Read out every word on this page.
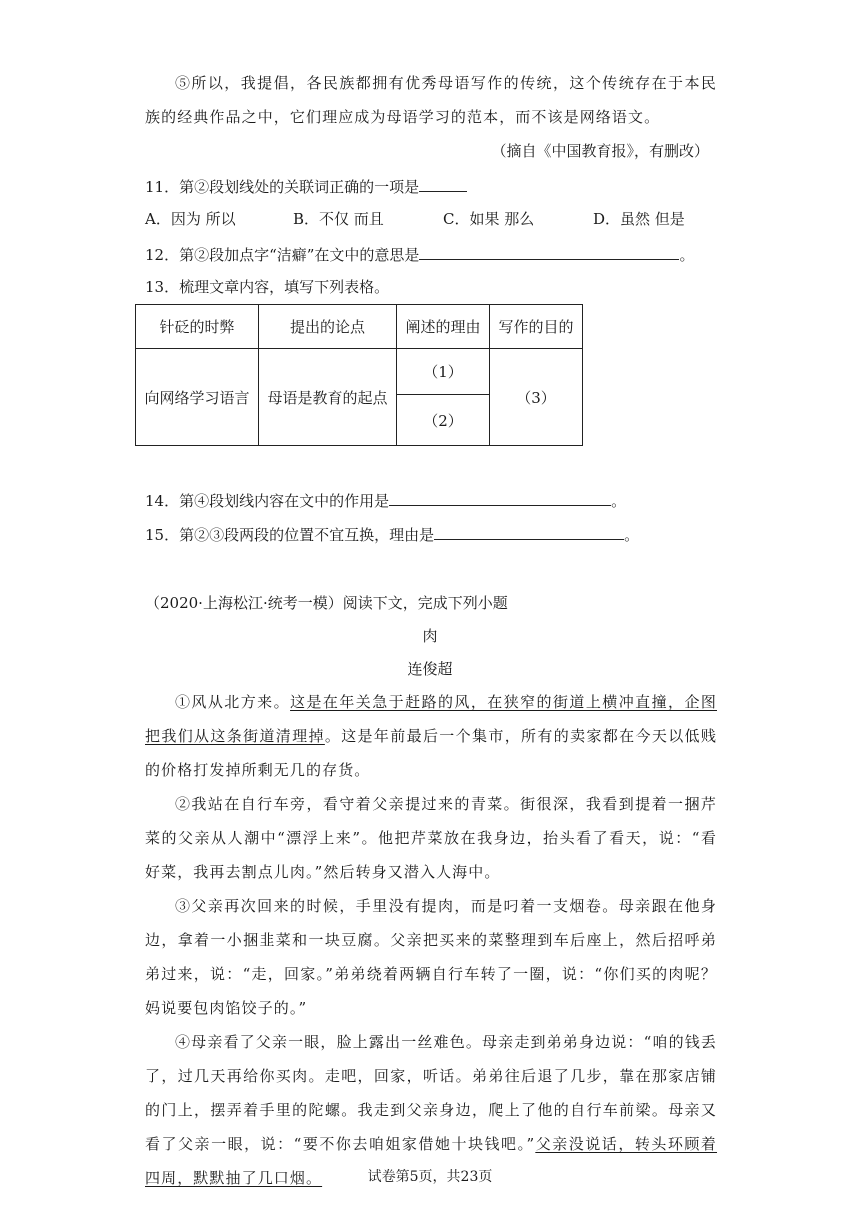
⑤所以，我提倡，各民族都拥有优秀母语写作的传统，这个传统存在于本民族的经典作品之中，它们理应成为母语学习的范本，而不该是网络语文。

（摘自《中国教育报》，有删改）

11．第②段划线处的关联词正确的一项是

A．因为 所以	B．不仅 而且	C．如果 那么	D．虽然 但是

12．第②段加点字“洁癖”在文中的意思是	。

13．梳理文章内容，填写下列表格。

针砭的时弊	提出的论点	阐述的理由	写作的目的
向网络学习语言	母语是教育的起点	（1）	（3）
		（2）	

14．第④段划线内容在文中的作用是	。

15．第②③段两段的位置不宜互换，理由是	。

（2020·上海松江·统考一模）阅读下文，完成下列小题

肉

连俊超

①风从北方来。这是在年关急于赶路的风，在狭窄的街道上横冲直撞，企图把我们从这条街道清理掉。这是年前最后一个集市，所有的卖家都在今天以低贱的价格打发掉所剩无几的存货。

②我站在自行车旁，看守着父亲提过来的青菜。街很深，我看到提着一捆芹菜的父亲从人潮中“漂浮上来”。他把芹菜放在我身边，抬头看了看天，说：“看好菜，我再去割点儿肉。”然后转身又潜入人海中。

③父亲再次回来的时候，手里没有提肉，而是叼着一支烟卷。母亲跟在他身边，拿着一小捆韭菜和一块豆腐。父亲把买来的菜整理到车后座上，然后招呼弟弟过来，说：“走，回家。”弟弟绕着两辆自行车转了一圈，说：“你们买的肉呢？妈说要包肉馅饺子的。”

④母亲看了父亲一眼，脸上露出一丝难色。母亲走到弟弟身边说：“咱的钱丢了，过几天再给你买肉。走吧，回家，听话。弟弟往后退了几步，靠在那家店铺的门上，摆弄着手里的陀螺。我走到父亲身边，爬上了他的自行车前梁。母亲又看了父亲一眼，说：“要不你去咱姐家借她十块钱吧。”父亲没说话，转头环顾着四周，默默抽了几口烟。	试卷第5页，共23页
